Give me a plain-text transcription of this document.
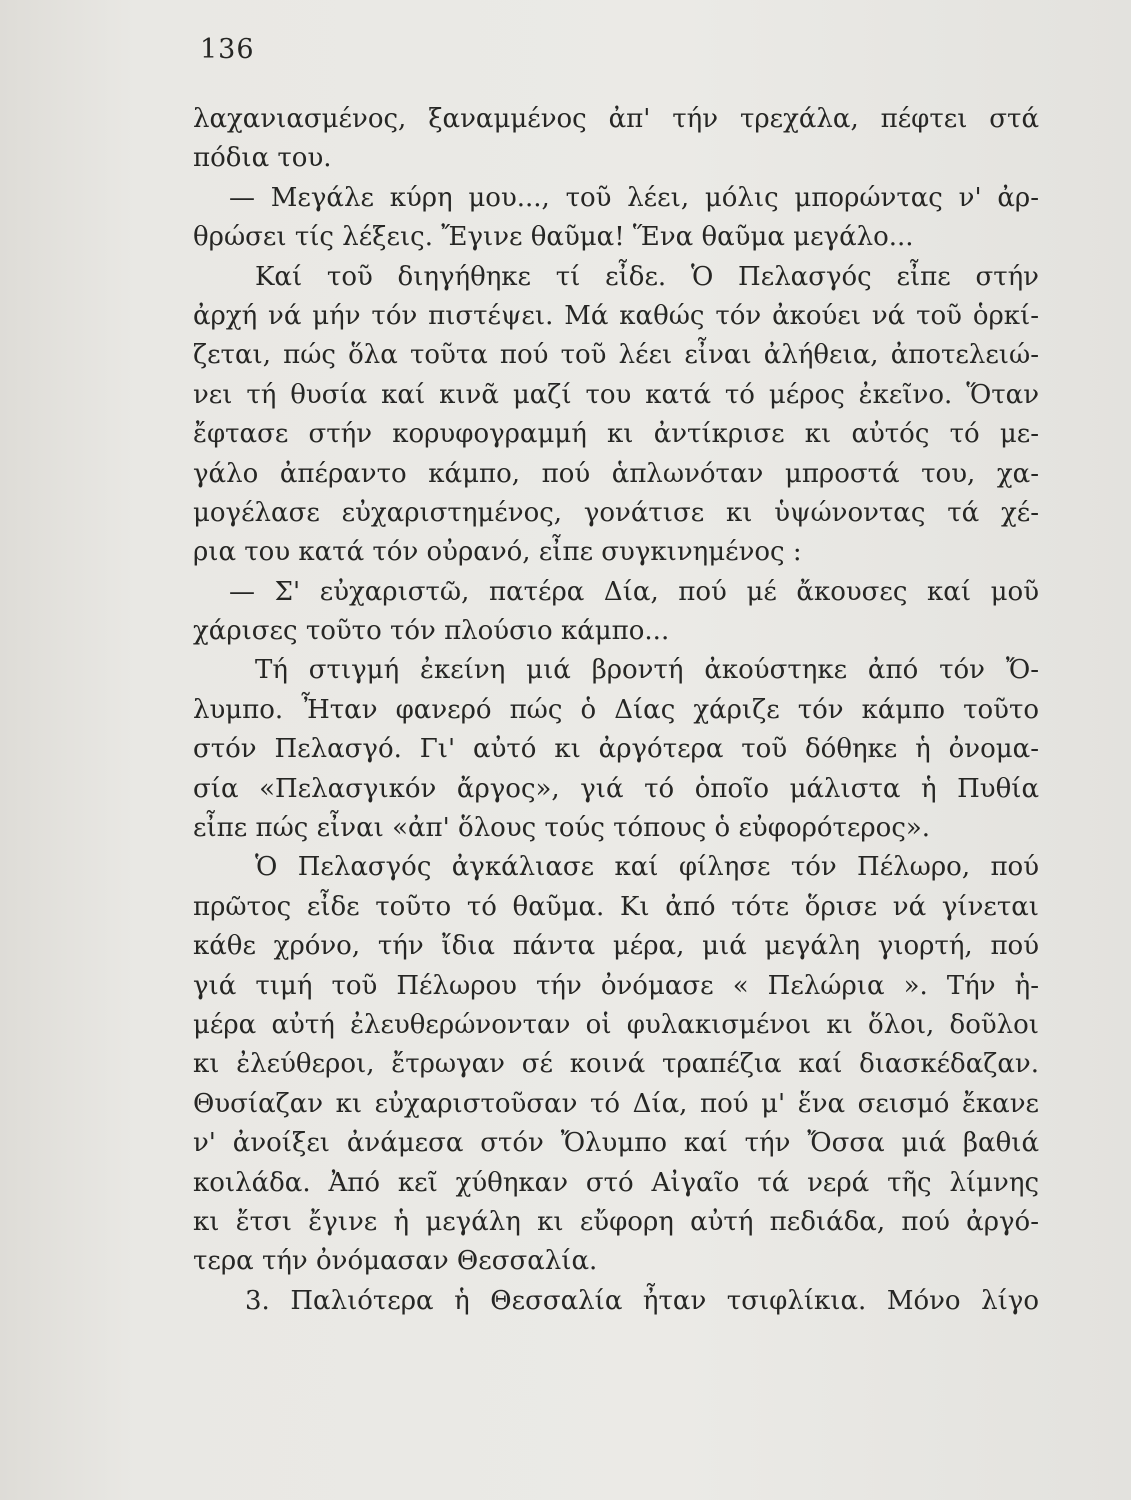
136
λαχανιασμένος, ξαναμμένος ἀπ' τήν τρεχάλα, πέφτει στά
πόδια του.
— Μεγάλε κύρη μου..., τοῦ λέει, μόλις μπορώντας ν' ἀρ-
θρώσει τίς λέξεις. Ἔγινε θαῦμα! Ἕνα θαῦμα μεγάλο...
Καί τοῦ διηγήθηκε τί εἶδε. Ὁ Πελασγός εἶπε στήν
ἀρχή νά μήν τόν πιστέψει. Μά καθώς τόν ἀκούει νά τοῦ ὁρκί-
ζεται, πώς ὅλα τοῦτα πού τοῦ λέει εἶναι ἀλήθεια, ἀποτελειώ-
νει τή θυσία καί κινᾶ μαζί του κατά τό μέρος ἐκεῖνο. Ὅταν
ἔφτασε στήν κορυφογραμμή κι ἀντίκρισε κι αὐτός τό με-
γάλο ἀπέραντο κάμπο, πού ἁπλωνόταν μπροστά του, χα-
μογέλασε εὐχαριστημένος, γονάτισε κι ὑψώνοντας τά χέ-
ρια του κατά τόν οὐρανό, εἶπε συγκινημένος :
— Σ' εὐχαριστῶ, πατέρα Δία, πού μέ ἄκουσες καί μοῦ
χάρισες τοῦτο τόν πλούσιο κάμπο...
Τή στιγμή ἐκείνη μιά βροντή ἀκούστηκε ἀπό τόν Ὄ-
λυμπο. Ἦταν φανερό πώς ὁ Δίας χάριζε τόν κάμπο τοῦτο
στόν Πελασγό. Γι' αὐτό κι ἀργότερα τοῦ δόθηκε ἡ ὀνομα-
σία «Πελασγικόν ἄργος», γιά τό ὁποῖο μάλιστα ἡ Πυθία
εἶπε πώς εἶναι «ἀπ' ὅλους τούς τόπους ὁ εὐφορότερος».
Ὁ Πελασγός ἀγκάλιασε καί φίλησε τόν Πέλωρο, πού
πρῶτος εἶδε τοῦτο τό θαῦμα. Κι ἀπό τότε ὅρισε νά γίνεται
κάθε χρόνο, τήν ἴδια πάντα μέρα, μιά μεγάλη γιορτή, πού
γιά τιμή τοῦ Πέλωρου τήν ὀνόμασε « Πελώρια ». Τήν ἡ-
μέρα αὐτή ἐλευθερώνονταν οἱ φυλακισμένοι κι ὅλοι, δοῦλοι
κι ἐλεύθεροι, ἔτρωγαν σέ κοινά τραπέζια καί διασκέδαζαν.
Θυσίαζαν κι εὐχαριστοῦσαν τό Δία, πού μ' ἕνα σεισμό ἔκανε
ν' ἀνοίξει ἀνάμεσα στόν Ὄλυμπο καί τήν Ὄσσα μιά βαθιά
κοιλάδα. Ἀπό κεῖ χύθηκαν στό Αἰγαῖο τά νερά τῆς λίμνης
κι ἔτσι ἔγινε ἡ μεγάλη κι εὔφορη αὐτή πεδιάδα, πού ἀργό-
τερα τήν ὀνόμασαν Θεσσαλία.
3. Παλιότερα ἡ Θεσσαλία ἦταν τσιφλίκια. Μόνο λίγο
